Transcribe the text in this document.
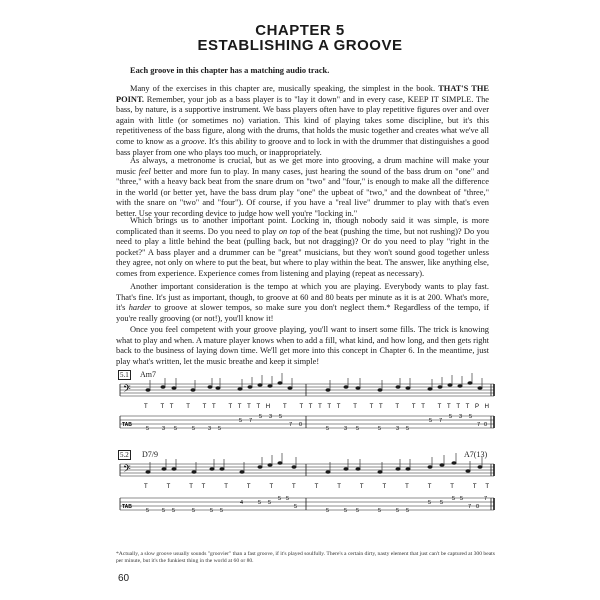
CHAPTER 5
ESTABLISHING A GROOVE

Each groove in this chapter has a matching audio track.

Many of the exercises in this chapter are, musically speaking, the simplest in the book. THAT'S THE POINT. Remember, your job as a bass player is to "lay it down" and in every case, KEEP IT SIMPLE. The bass, by nature, is a supportive instrument. We bass players often have to play repetitive figures over and over again with little (or sometimes no) variation. This kind of playing takes some discipline, but it's this repetitiveness of the bass figure, along with the drums, that holds the music together and creates what we've all come to know as a groove. It's this ability to groove and to lock in with the drummer that distinguishes a good bass player from one who plays too much, or inappropriately.

As always, a metronome is crucial, but as we get more into grooving, a drum machine will make your music feel better and more fun to play. In many cases, just hearing the sound of the bass drum on "one" and "three," with a heavy back beat from the snare drum on "two" and "four," is enough to make all the difference in the world (or better yet, have the bass drum play "one" the upbeat of "two," and the downbeat of "three," with the snare on "two" and "four"). Of course, if you have a "real live" drummer to play with that's even better. Use your recording device to judge how well you're "locking in."

Which brings us to another important point. Locking in, though nobody said it was simple, is more complicated than it seems. Do you need to play on top of the beat (pushing the time, but not rushing)? Do you need to play a little behind the beat (pulling back, but not dragging)? Or do you need to play "right in the pocket?" A bass player and a drummer can be "great" musicians, but they won't sound good together unless they agree, not only on where to put the beat, but where to play within the beat. The answer, like anything else, comes from experience. Experience comes from listening and playing (repeat as necessary).

Another important consideration is the tempo at which you are playing. Everybody wants to play fast. That's fine. It's just as important, though, to groove at 60 and 80 beats per minute as it is at 200. What's more, it's harder to groove at slower tempos, so make sure you don't neglect them.* Regardless of the tempo, if you're really grooving (or not!), you'll know it!

Once you feel competent with your groove playing, you'll want to insert some fills. The trick is knowing what to play and when. A mature player knows when to add a fill, what kind, and how long, and then gets right back to the business of laying down time. We'll get more into this concept in Chapter 6. In the meantime, just play what's written, let the music breathe and keep it simple!

5.1 Am7
𝄢
TAB
T TT T TT TTTTH T TTTTT T TT T TT TTTTPH
5 3 5	5 3 5
5 7
5 3 5
7 0
5	3 5	5	3 5
5 7
5 3 5
7 0
5.2 D7/9	A7(13)
𝄢
TAB
T T TT T T T T T T T T T T T TT
5 5 5	5	5 5
4	5 5
5 5
5
5	5 5	5	5 5
5 5
5 5
7 0
7
*Actually, a slow groove usually sounds "groovier" than a fast groove, if it's played soulfully. There's a certain dirty, nasty element that just can't be captured at 300 beats per minute, but it's the funkiest thing in the world at 60 or 80.
60
